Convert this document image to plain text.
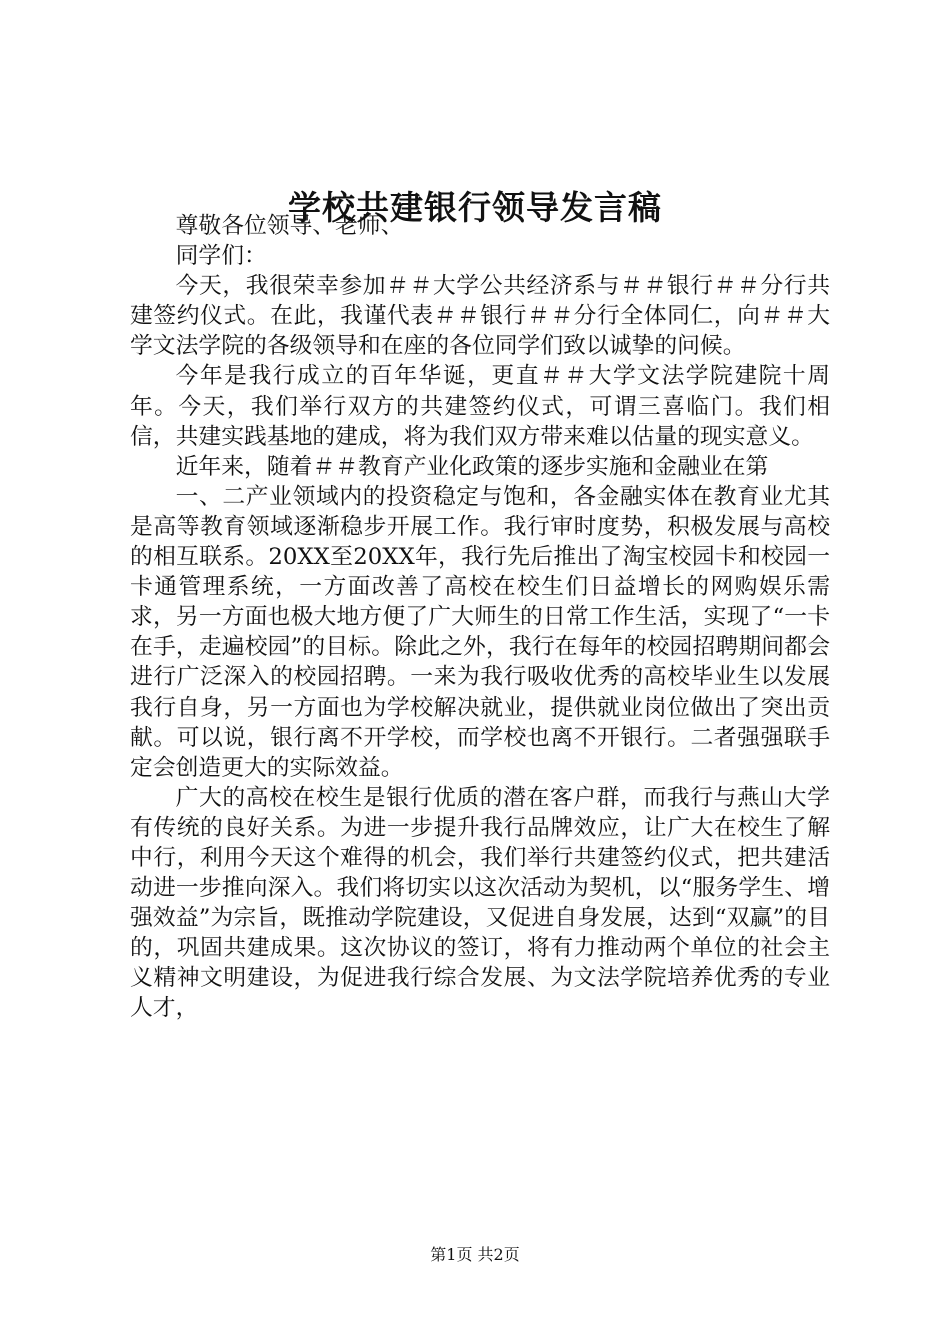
学校共建银行领导发言稿

尊敬各位领导、老师、

同学们：

今天，我很荣幸参加＃＃大学公共经济系与＃＃银行＃＃分行共建签约仪式。在此，我谨代表＃＃银行＃＃分行全体同仁，向＃＃大学文法学院的各级领导和在座的各位同学们致以诚挚的问候。

今年是我行成立的百年华诞，更直＃＃大学文法学院建院十周年。今天，我们举行双方的共建签约仪式，可谓三喜临门。我们相信，共建实践基地的建成，将为我们双方带来难以估量的现实意义。

近年来，随着＃＃教育产业化政策的逐步实施和金融业在第

一、二产业领域内的投资稳定与饱和，各金融实体在教育业尤其是高等教育领域逐渐稳步开展工作。我行审时度势，积极发展与高校的相互联系。20XX至20XX年，我行先后推出了淘宝校园卡和校园一卡通管理系统，一方面改善了高校在校生们日益增长的网购娱乐需求，另一方面也极大地方便了广大师生的日常工作生活，实现了“一卡在手，走遍校园”的目标。除此之外，我行在每年的校园招聘期间都会进行广泛深入的校园招聘。一来为我行吸收优秀的高校毕业生以发展我行自身，另一方面也为学校解决就业，提供就业岗位做出了突出贡献。可以说，银行离不开学校，而学校也离不开银行。二者强强联手定会创造更大的实际效益。

广大的高校在校生是银行优质的潜在客户群，而我行与燕山大学有传统的良好关系。为进一步提升我行品牌效应，让广大在校生了解中行，利用今天这个难得的机会，我们举行共建签约仪式，把共建活动进一步推向深入。我们将切实以这次活动为契机，以“服务学生、增强效益”为宗旨，既推动学院建设，又促进自身发展，达到“双赢”的目的，巩固共建成果。这次协议的签订，将有力推动两个单位的社会主义精神文明建设，为促进我行综合发展、为文法学院培养优秀的专业人才，

第1页 共2页
